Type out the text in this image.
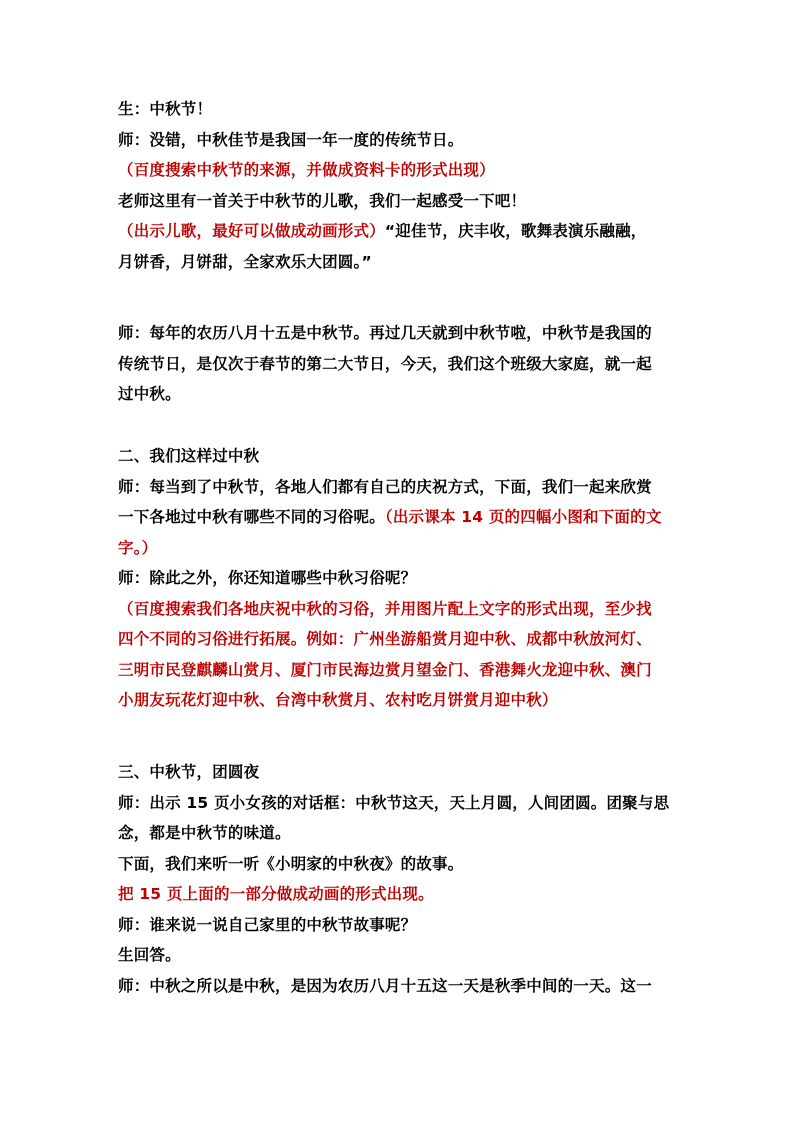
生：中秋节！
师：没错，中秋佳节是我国一年一度的传统节日。
（百度搜索中秋节的来源，并做成资料卡的形式出现）
老师这里有一首关于中秋节的儿歌，我们一起感受一下吧！
（出示儿歌，最好可以做成动画形式）“迎佳节，庆丰收，歌舞表演乐融融，
月饼香，月饼甜，全家欢乐大团圆。”
师：每年的农历八月十五是中秋节。再过几天就到中秋节啦，中秋节是我国的
传统节日，是仅次于春节的第二大节日，今天，我们这个班级大家庭，就一起
过中秋。
二、我们这样过中秋
师：每当到了中秋节，各地人们都有自己的庆祝方式，下面，我们一起来欣赏
一下各地过中秋有哪些不同的习俗呢。（出示课本 14 页的四幅小图和下面的文
字。）
师：除此之外，你还知道哪些中秋习俗呢？
（百度搜索我们各地庆祝中秋的习俗，并用图片配上文字的形式出现，至少找
四个不同的习俗进行拓展。例如：广州坐游船赏月迎中秋、成都中秋放河灯、
三明市民登麒麟山赏月、厦门市民海边赏月望金门、香港舞火龙迎中秋、澳门
小朋友玩花灯迎中秋、台湾中秋赏月、农村吃月饼赏月迎中秋）
三、中秋节，团圆夜
师：出示 15 页小女孩的对话框：中秋节这天，天上月圆，人间团圆。团聚与思
念，都是中秋节的味道。
下面，我们来听一听《小明家的中秋夜》的故事。
把 15 页上面的一部分做成动画的形式出现。
师：谁来说一说自己家里的中秋节故事呢？
生回答。
师：中秋之所以是中秋，是因为农历八月十五这一天是秋季中间的一天。这一
